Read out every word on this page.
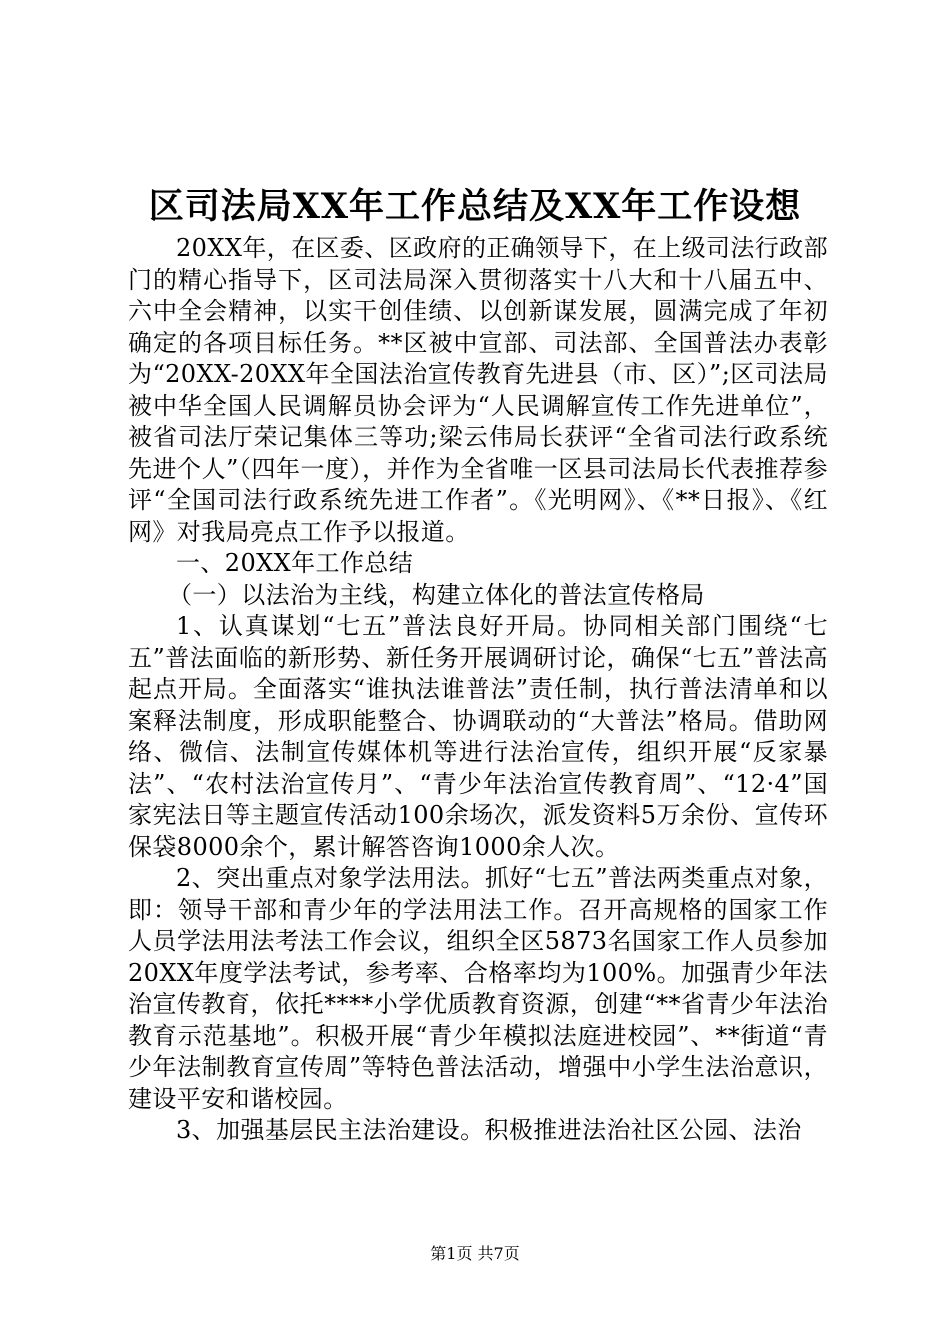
区司法局XX年工作总结及XX年工作设想

20XX年，在区委、区政府的正确领导下，在上级司法行政部门的精心指导下，区司法局深入贯彻落实十八大和十八届五中、六中全会精神，以实干创佳绩、以创新谋发展，圆满完成了年初确定的各项目标任务。**区被中宣部、司法部、全国普法办表彰为“20XX-20XX年全国法治宣传教育先进县（市、区）”;区司法局被中华全国人民调解员协会评为“人民调解宣传工作先进单位”，被省司法厅荣记集体三等功;梁云伟局长获评“全省司法行政系统先进个人”（四年一度），并作为全省唯一区县司法局长代表推荐参评“全国司法行政系统先进工作者”。《光明网》、《**日报》、《红网》对我局亮点工作予以报道。

一、20XX年工作总结

（一）以法治为主线，构建立体化的普法宣传格局

1、认真谋划“七五”普法良好开局。协同相关部门围绕“七五”普法面临的新形势、新任务开展调研讨论，确保“七五”普法高起点开局。全面落实“谁执法谁普法”责任制，执行普法清单和以案释法制度，形成职能整合、协调联动的“大普法”格局。借助网络、微信、法制宣传媒体机等进行法治宣传，组织开展“反家暴法”、“农村法治宣传月”、“青少年法治宣传教育周”、“12·4”国家宪法日等主题宣传活动100余场次，派发资料5万余份、宣传环保袋8000余个，累计解答咨询1000余人次。

2、突出重点对象学法用法。抓好“七五”普法两类重点对象，即：领导干部和青少年的学法用法工作。召开高规格的国家工作人员学法用法考法工作会议，组织全区5873名国家工作人员参加20XX年度学法考试，参考率、合格率均为100%。加强青少年法治宣传教育，依托****小学优质教育资源，创建“**省青少年法治教育示范基地”。积极开展“青少年模拟法庭进校园”、**街道“青少年法制教育宣传周”等特色普法活动，增强中小学生法治意识，建设平安和谐校园。

3、加强基层民主法治建设。积极推进法治社区公园、法治

第1页 共7页
